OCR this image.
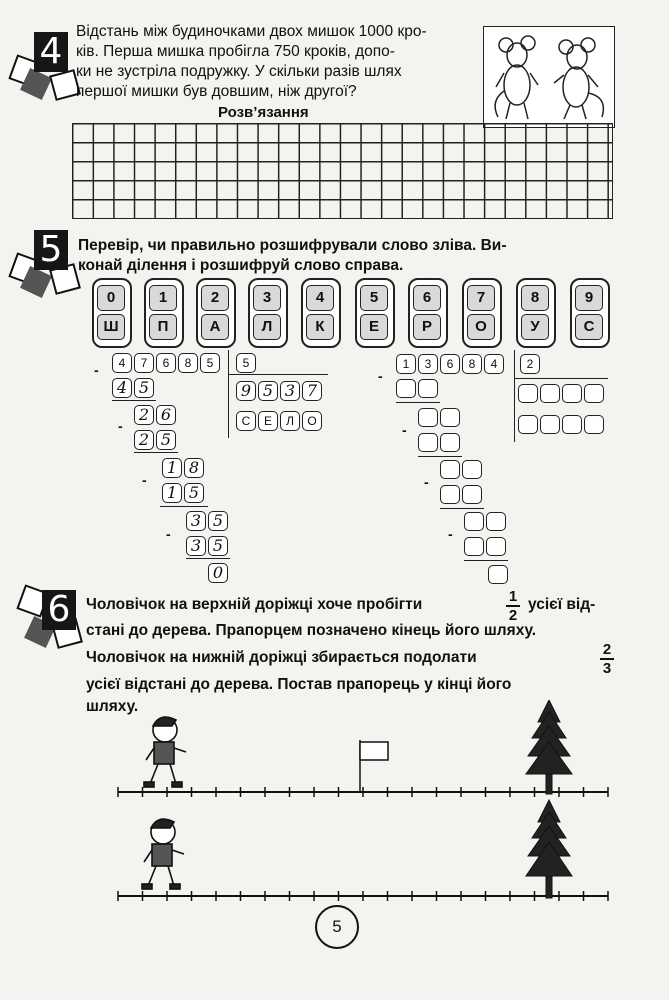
4 Відстань між будиночками двох мишок 1000 кро-
ків. Перша мишка пробігла 750 кроків, допо-
ки не зустріла подружку. У скільки разів шлях
першої мишки був довшим, ніж другої?
Розв’язання
5	Перевір, чи правильно розшифрували слово зліва. Ви-
конай ділення і розшифруй слово справа.
0
Ш
1
П
2
А
3
Л
4
К
5
Е
6
Р
7
О
8
У
9
С
-	4	7	6	8	5	5
9 5 3 7
С	Е	Л	О
4 5
-
2 6
2 5
-
1 8
1 5
-
3 5
3 5
0
-
1	3	6	8	4	2
-
-
-
6	Чоловічок на верхній доріжці хоче пробігти	$\frac{1}{2}$ усієї від-
стані до дерева. Прапорцем позначено кінець його шляху.
Чоловічок на нижній доріжці збирається подолати	$\frac{2}{3}$
усієї відстані до дерева. Постав прапорець у кінці його
шляху.
5
